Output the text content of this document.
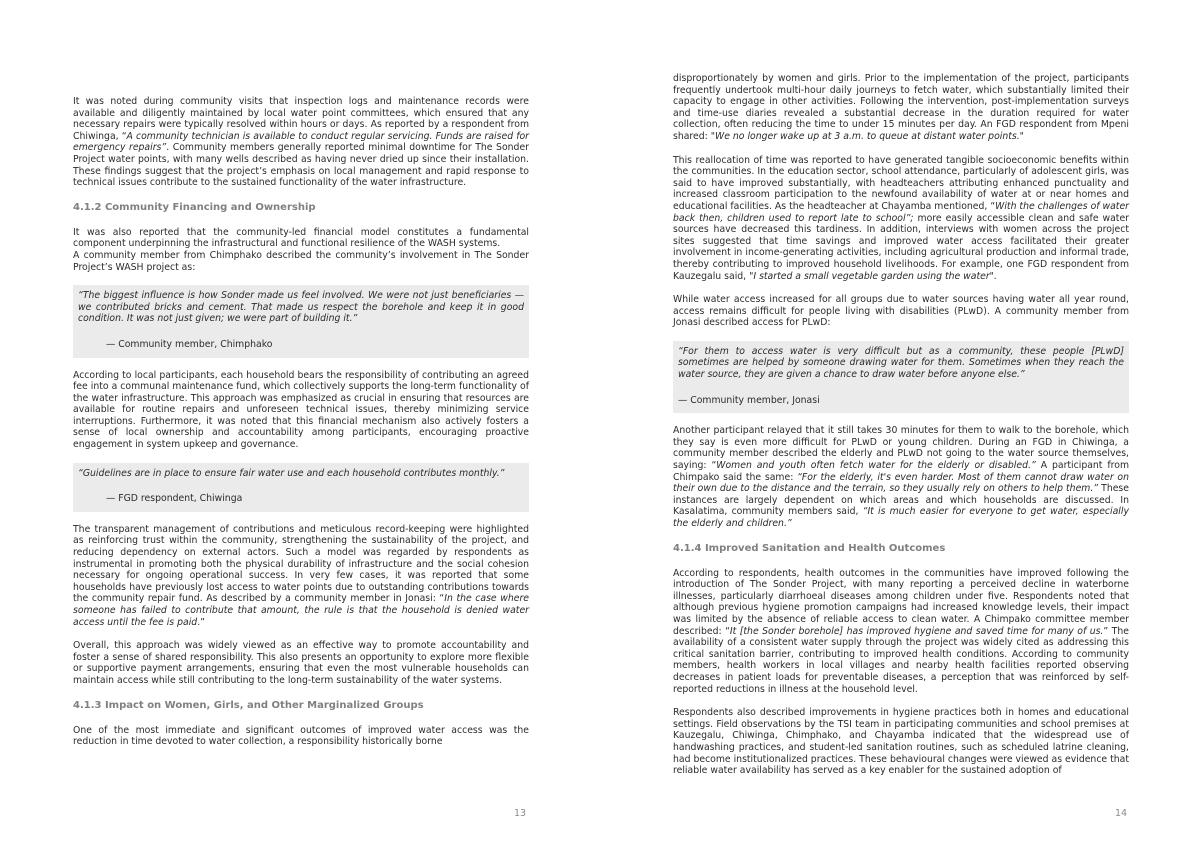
It was noted during community visits that inspection logs and maintenance records were available and diligently maintained by local water point committees, which ensured that any necessary repairs were typically resolved within hours or days. As reported by a respondent from Chiwinga, “A community technician is available to conduct regular servicing. Funds are raised for emergency repairs”. Community members generally reported minimal downtime for The Sonder Project water points, with many wells described as having never dried up since their installation. These findings suggest that the project’s emphasis on local management and rapid response to technical issues contribute to the sustained functionality of the water infrastructure.

4.1.2 Community Financing and Ownership

It was also reported that the community-led financial model constitutes a fundamental component underpinning the infrastructural and functional resilience of the WASH systems.
A community member from Chimphako described the community’s involvement in The Sonder Project’s WASH project as:

“The biggest influence is how Sonder made us feel involved. We were not just beneficiaries — we contributed bricks and cement. That made us respect the borehole and keep it in good condition. It was not just given; we were part of building it.”

— Community member, Chimphako

According to local participants, each household bears the responsibility of contributing an agreed fee into a communal maintenance fund, which collectively supports the long-term functionality of the water infrastructure. This approach was emphasized as crucial in ensuring that resources are available for routine repairs and unforeseen technical issues, thereby minimizing service interruptions. Furthermore, it was noted that this financial mechanism also actively fosters a sense of local ownership and accountability among participants, encouraging proactive engagement in system upkeep and governance.

“Guidelines are in place to ensure fair water use and each household contributes monthly.”

— FGD respondent, Chiwinga

The transparent management of contributions and meticulous record-keeping were highlighted as reinforcing trust within the community, strengthening the sustainability of the project, and reducing dependency on external actors. Such a model was regarded by respondents as instrumental in promoting both the physical durability of infrastructure and the social cohesion necessary for ongoing operational success. In very few cases, it was reported that some households have previously lost access to water points due to outstanding contributions towards the community repair fund. As described by a community member in Jonasi: “In the case where someone has failed to contribute that amount, the rule is that the household is denied water access until the fee is paid.”

Overall, this approach was widely viewed as an effective way to promote accountability and foster a sense of shared responsibility. This also presents an opportunity to explore more flexible or supportive payment arrangements, ensuring that even the most vulnerable households can maintain access while still contributing to the long-term sustainability of the water systems.

4.1.3 Impact on Women, Girls, and Other Marginalized Groups

One of the most immediate and significant outcomes of improved water access was the reduction in time devoted to water collection, a responsibility historically borne

13

disproportionately by women and girls. Prior to the implementation of the project, participants frequently undertook multi-hour daily journeys to fetch water, which substantially limited their capacity to engage in other activities. Following the intervention, post-implementation surveys and time-use diaries revealed a substantial decrease in the duration required for water collection, often reducing the time to under 15 minutes per day. An FGD respondent from Mpeni shared: "We no longer wake up at 3 a.m. to queue at distant water points."

This reallocation of time was reported to have generated tangible socioeconomic benefits within the communities. In the education sector, school attendance, particularly of adolescent girls, was said to have improved substantially, with headteachers attributing enhanced punctuality and increased classroom participation to the newfound availability of water at or near homes and educational facilities. As the headteacher at Chayamba mentioned, “With the challenges of water back then, children used to report late to school”; more easily accessible clean and safe water sources have decreased this tardiness. In addition, interviews with women across the project sites suggested that time savings and improved water access facilitated their greater involvement in income-generating activities, including agricultural production and informal trade, thereby contributing to improved household livelihoods. For example, one FGD respondent from Kauzegalu said, "I started a small vegetable garden using the water".

While water access increased for all groups due to water sources having water all year round, access remains difficult for people living with disabilities (PLwD). A community member from Jonasi described access for PLwD:

“For them to access water is very difficult but as a community, these people [PLwD] sometimes are helped by someone drawing water for them. Sometimes when they reach the water source, they are given a chance to draw water before anyone else.”

— Community member, Jonasi

Another participant relayed that it still takes 30 minutes for them to walk to the borehole, which they say is even more difficult for PLwD or young children. During an FGD in Chiwinga, a community member described the elderly and PLwD not going to the water source themselves, saying: “Women and youth often fetch water for the elderly or disabled.” A participant from Chimpako said the same: “For the elderly, it's even harder. Most of them cannot draw water on their own due to the distance and the terrain, so they usually rely on others to help them.” These instances are largely dependent on which areas and which households are discussed. In Kasalatima, community members said, “It is much easier for everyone to get water, especially the elderly and children.”

4.1.4 Improved Sanitation and Health Outcomes

According to respondents, health outcomes in the communities have improved following the introduction of The Sonder Project, with many reporting a perceived decline in waterborne illnesses, particularly diarrhoeal diseases among children under five. Respondents noted that although previous hygiene promotion campaigns had increased knowledge levels, their impact was limited by the absence of reliable access to clean water. A Chimpako committee member described: “It [the Sonder borehole] has improved hygiene and saved time for many of us.” The availability of a consistent water supply through the project was widely cited as addressing this critical sanitation barrier, contributing to improved health conditions. According to community members, health workers in local villages and nearby health facilities reported observing decreases in patient loads for preventable diseases, a perception that was reinforced by self-reported reductions in illness at the household level.

Respondents also described improvements in hygiene practices both in homes and educational settings. Field observations by the TSI team in participating communities and school premises at Kauzegalu, Chiwinga, Chimphako, and Chayamba indicated that the widespread use of handwashing practices, and student-led sanitation routines, such as scheduled latrine cleaning, had become institutionalized practices. These behavioural changes were viewed as evidence that reliable water availability has served as a key enabler for the sustained adoption of

14
